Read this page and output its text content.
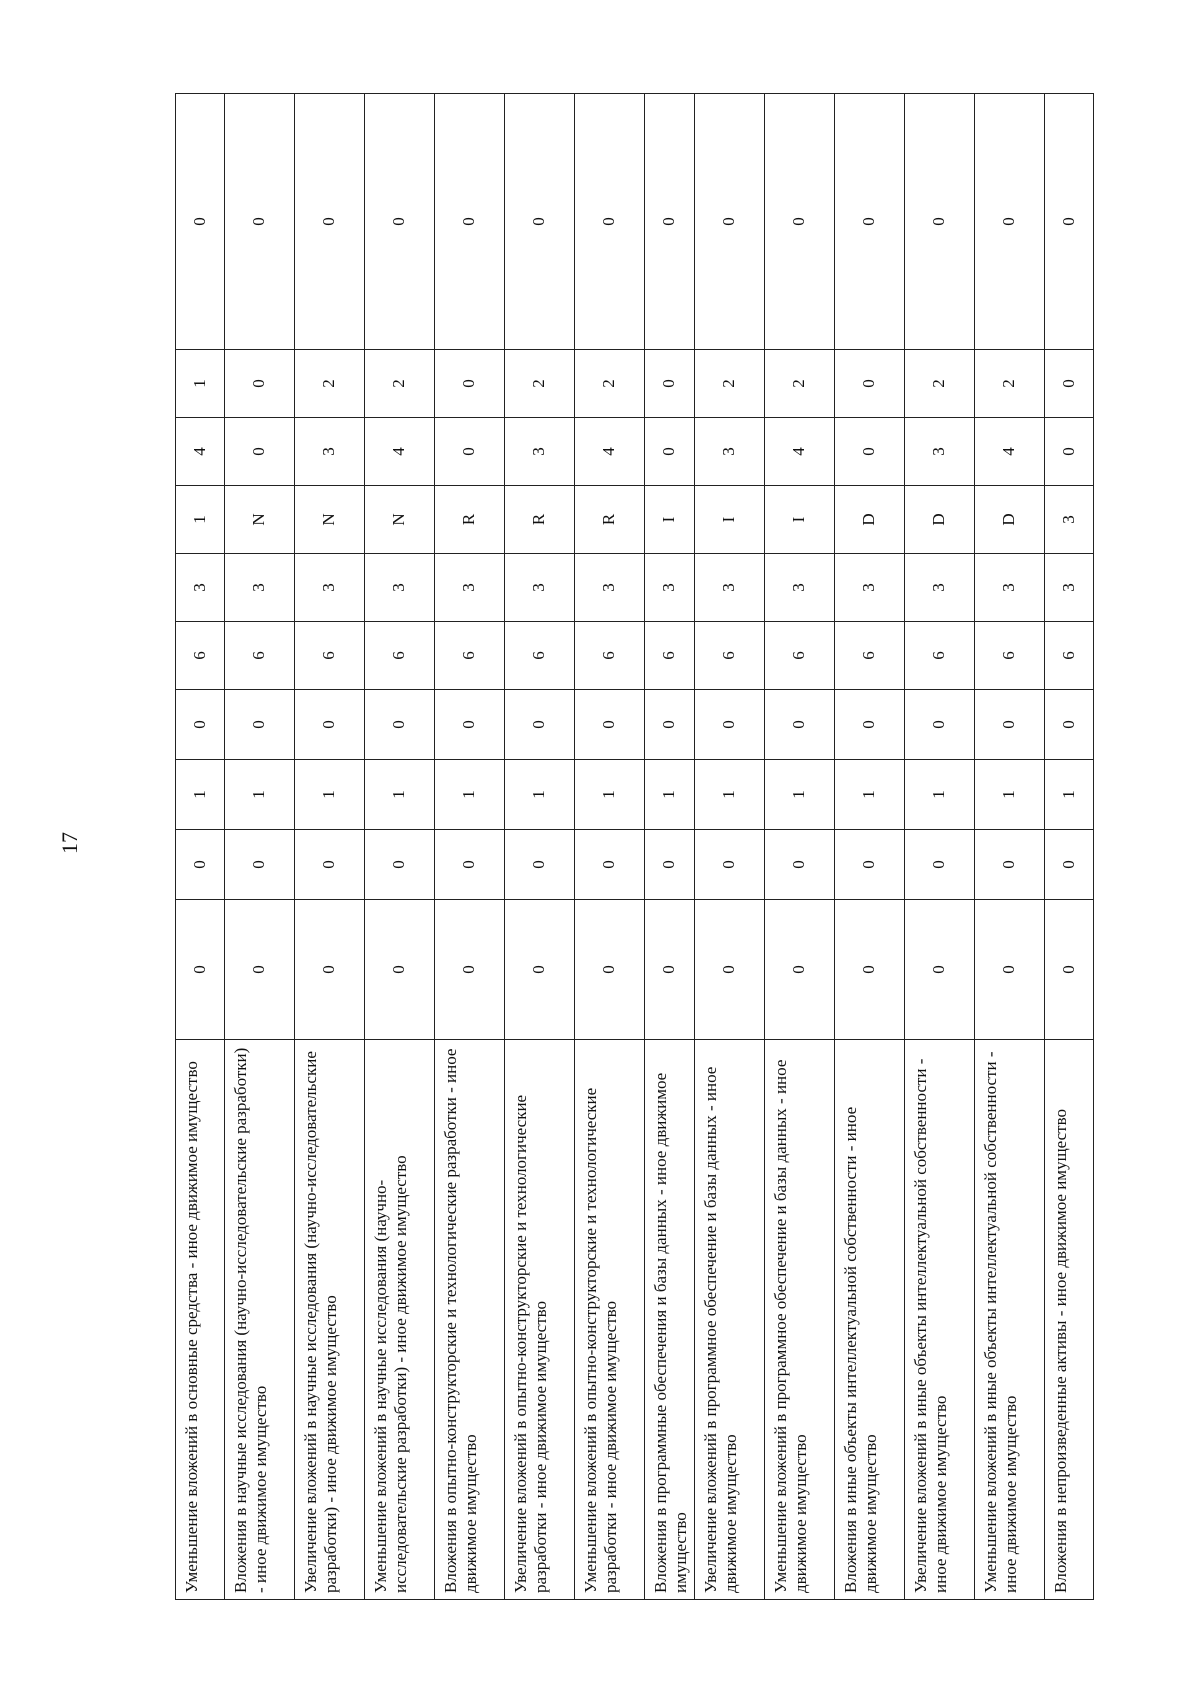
17
Уменьшение вложений в основные средства - иное движимое имущество	0	0	1	0	6	3	1	4	1	0
Вложения в научные исследования (научно-исследовательские разработки) - иное движимое имущество	0	0	1	0	6	3	N	0	0	0
Увеличение вложений в научные исследования (научно-исследовательские разработки) - иное движимое имущество	0	0	1	0	6	3	N	3	2	0
Уменьшение вложений в научные исследования (научно-исследовательские разработки) - иное движимое имущество	0	0	1	0	6	3	N	4	2	0
Вложения в опытно-конструкторские и технологические разработки - иное движимое имущество	0	0	1	0	6	3	R	0	0	0
Увеличение вложений в опытно-конструкторские и технологические разработки - иное движимое имущество	0	0	1	0	6	3	R	3	2	0
Уменьшение вложений в опытно-конструкторские и технологические разработки - иное движимое имущество	0	0	1	0	6	3	R	4	2	0
Вложения в программные обеспечения и базы данных - иное движимое имущество	0	0	1	0	6	3	I	0	0	0
Увеличение вложений в программное обеспечение и базы данных - иное движимое имущество	0	0	1	0	6	3	I	3	2	0
Уменьшение вложений в программное обеспечение и базы данных - иное движимое имущество	0	0	1	0	6	3	I	4	2	0
Вложения в иные объекты интеллектуальной собственности - иное движимое имущество	0	0	1	0	6	3	D	0	0	0
Увеличение вложений в иные объекты интеллектуальной собственности - иное движимое имущество	0	0	1	0	6	3	D	3	2	0
Уменьшение вложений в иные объекты интеллектуальной собственности - иное движимое имущество	0	0	1	0	6	3	D	4	2	0
Вложения в непроизведенные активы - иное движимое имущество	0	0	1	0	6	3	3	0	0	0
